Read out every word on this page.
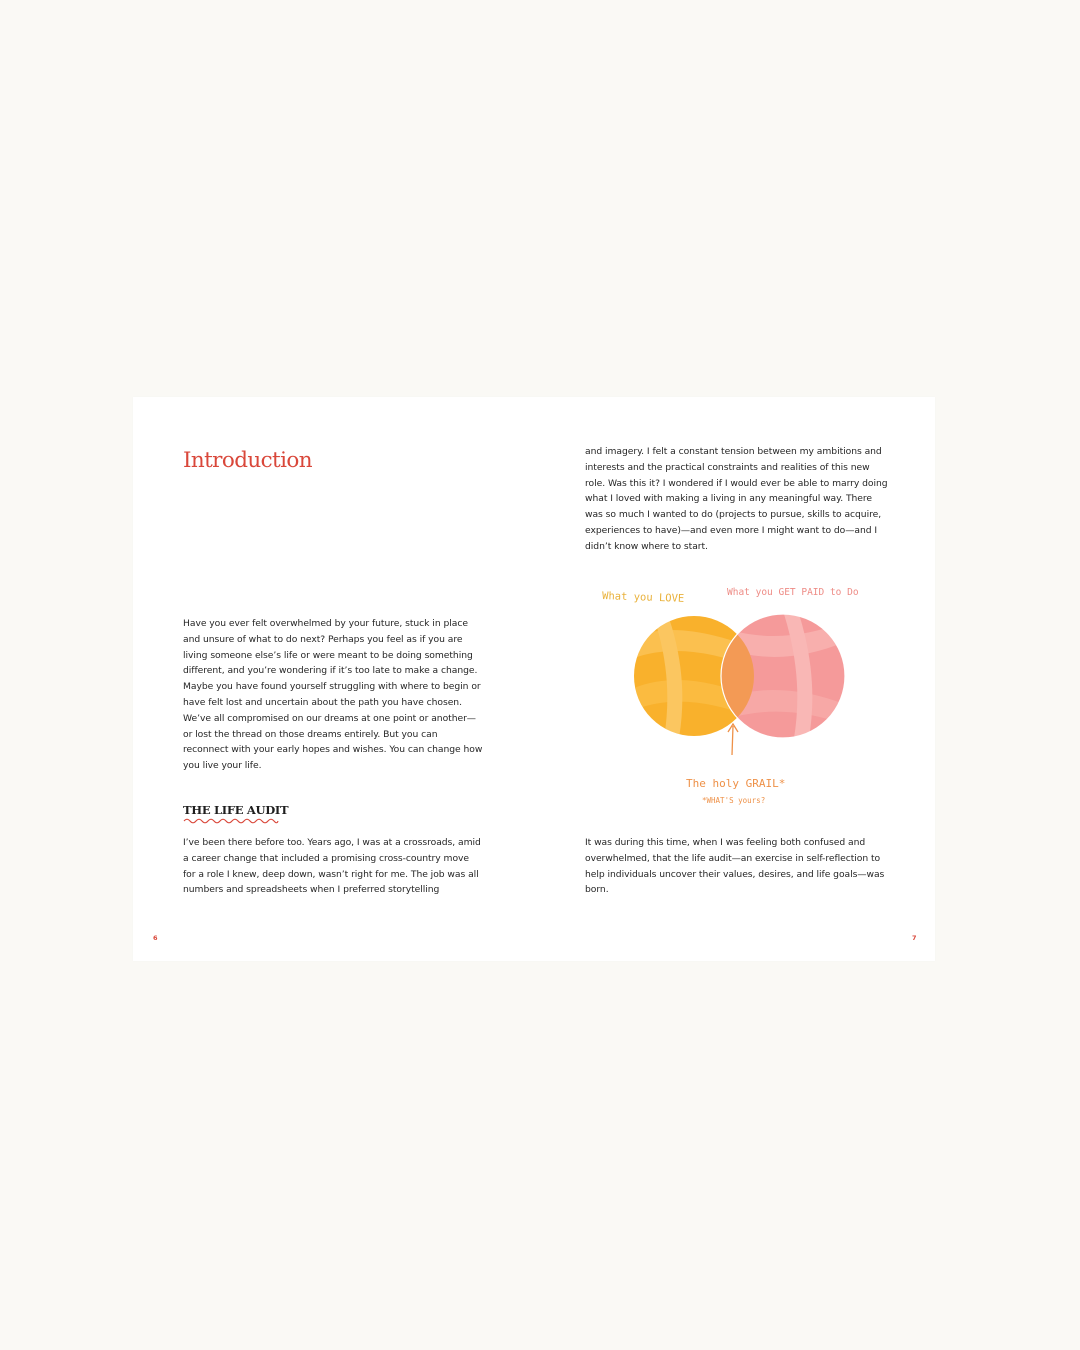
Introduction

Have you ever felt overwhelmed by your future, stuck in place and unsure of what to do next? Perhaps you feel as if you are living someone else’s life or were meant to be doing something different, and you’re wondering if it’s too late to make a change. Maybe you have found yourself struggling with where to begin or have felt lost and uncertain about the path you have chosen. We’ve all compromised on our dreams at one point or another—or lost the thread on those dreams entirely. But you can reconnect with your early hopes and wishes. You can change how you live your life.

THE LIFE AUDIT

I’ve been there before too. Years ago, I was at a crossroads, amid a career change that included a promising cross-country move for a role I knew, deep down, wasn’t right for me. The job was all numbers and spreadsheets when I preferred storytelling

6

and imagery. I felt a constant tension between my ambitions and interests and the practical constraints and realities of this new role. Was this it? I wondered if I would ever be able to marry doing what I loved with making a living in any meaningful way. There was so much I wanted to do (projects to pursue, skills to acquire, experiences to have)—and even more I might want to do—and I didn’t know where to start.

What you LOVE	What you GET PAID to Do
The holy GRAIL*
*WHAT'S yours?

It was during this time, when I was feeling both confused and overwhelmed, that the life audit—an exercise in self-reflection to help individuals uncover their values, desires, and life goals—was born.

7
